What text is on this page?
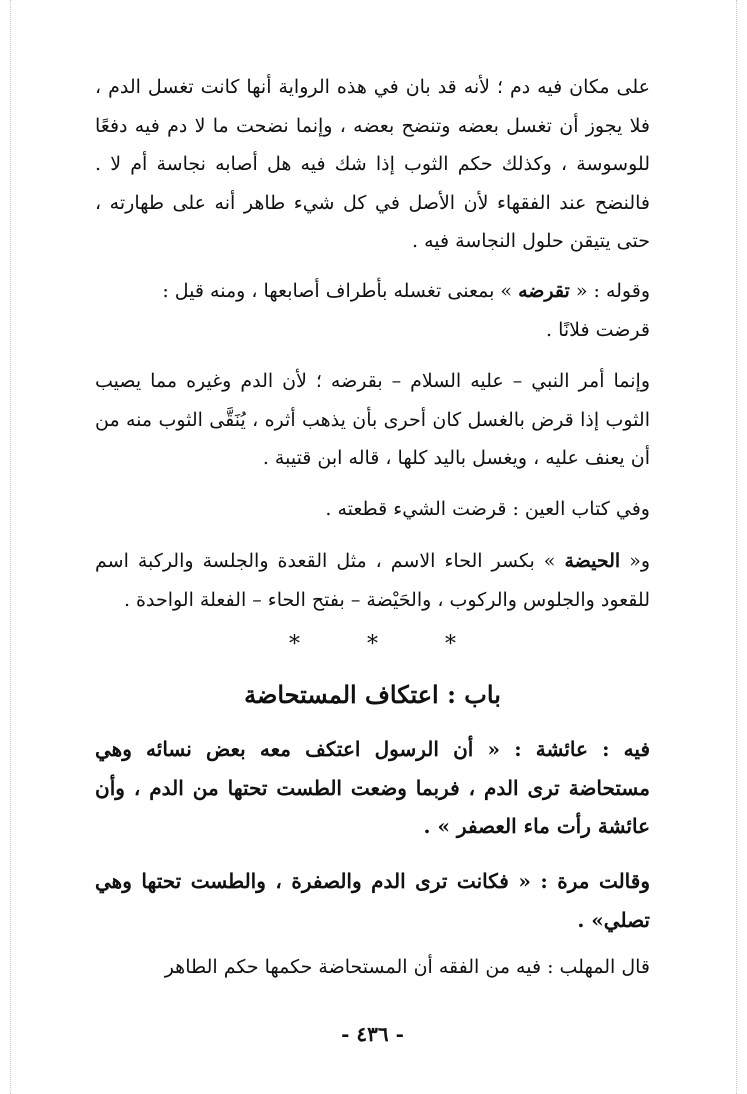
على مكان فيه دم ؛ لأنه قد بان في هذه الرواية أنها كانت تغسل الدم ، فلا يجوز أن تغسل بعضه وتنضح بعضه ، وإنما نضحت ما لا دم فيه دفعًا للوسوسة ، وكذلك حكم الثوب إذا شك فيه هل أصابه نجاسة أم لا . فالنضح عند الفقهاء لأن الأصل في كل شيء طاهر أنه على طهارته ، حتى يتيقن حلول النجاسة فيه .

وقوله : « تقرضه » بمعنى تغسله بأطراف أصابعها ، ومنه قيل :
قرضت فلانًا .

وإنما أمر النبي – عليه السلام – بقرضه ؛ لأن الدم وغيره مما يصيب الثوب إذا قرض بالغسل كان أحرى بأن يذهب أثره ، يُنَقَّى الثوب منه من أن يعنف عليه ، ويغسل باليد كلها ، قاله ابن قتيبة .

وفي كتاب العين : قرضت الشيء قطعته .

و« الحيضة » بكسر الحاء الاسم ، مثل القعدة والجلسة والركبة اسم للقعود والجلوس والركوب ، والحَيْضة – بفتح الحاء – الفعلة الواحدة .

* * *
باب : اعتكاف المستحاضة

فيه : عائشة : « أن الرسول اعتكف معه بعض نسائه وهي مستحاضة ترى الدم ، فربما وضعت الطست تحتها من الدم ، وأن عائشة رأت ماء العصفر » .

وقالت مرة : « فكانت ترى الدم والصفرة ، والطست تحتها وهي تصلي» .

قال المهلب : فيه من الفقه أن المستحاضة حكمها حكم الطاهر

- ٤٣٦ -
